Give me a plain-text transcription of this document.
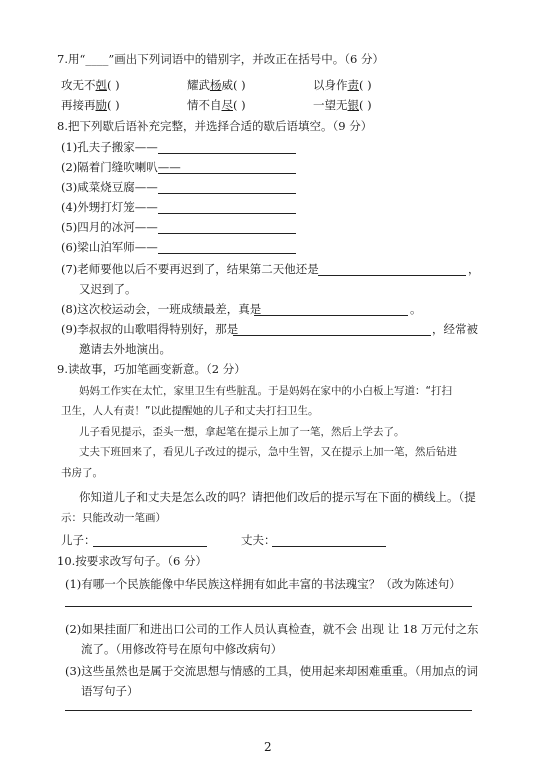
7.用“____”画出下列词语中的错别字，并改正在括号中。（6 分）
攻无不剋( )	耀武杨威( )	以身作责( )
再接再励( )	情不自尽( )	一望无银( )
8.把下列歇后语补充完整，并选择合适的歇后语填空。（9 分）
(1)孔夫子搬家——
(2)隔着门缝吹喇叭——
(3)咸菜烧豆腐——
(4)外甥打灯笼——
(5)四月的冰河——
(6)梁山泊军师——
(7)老师要他以后不要再迟到了，结果第二天他还是	，
又迟到了。
(8)这次校运动会，一班成绩最差，真是	。
(9)李叔叔的山歌唱得特别好，那是	，经常被
邀请去外地演出。
9.读故事，巧加笔画变新意。（2 分）
妈妈工作实在太忙，家里卫生有些脏乱。于是妈妈在家中的小白板上写道：“打扫
卫生，人人有责！”以此提醒她的儿子和丈夫打扫卫生。
儿子看见提示，歪头一想，拿起笔在提示上加了一笔，然后上学去了。
丈夫下班回来了，看见儿子改过的提示，急中生智，又在提示上加一笔，然后钻进
书房了。
你知道儿子和丈夫是怎么改的吗？请把他们改后的提示写在下面的横线上。（提
示：只能改动一笔画）
儿子：	丈夫：
10.按要求改写句子。（6 分）
(1)有哪一个民族能像中华民族这样拥有如此丰富的书法瑰宝？（改为陈述句）
(2)如果挂面厂和进出口公司的工作人员认真检查，就不会 出现 让 18 万元付之东
流了。（用修改符号在原句中修改病句）
(3)这些虽然也是属于交流思想与情感的工具，使用起来却困难重重。（用加点的词
语写句子）
2
